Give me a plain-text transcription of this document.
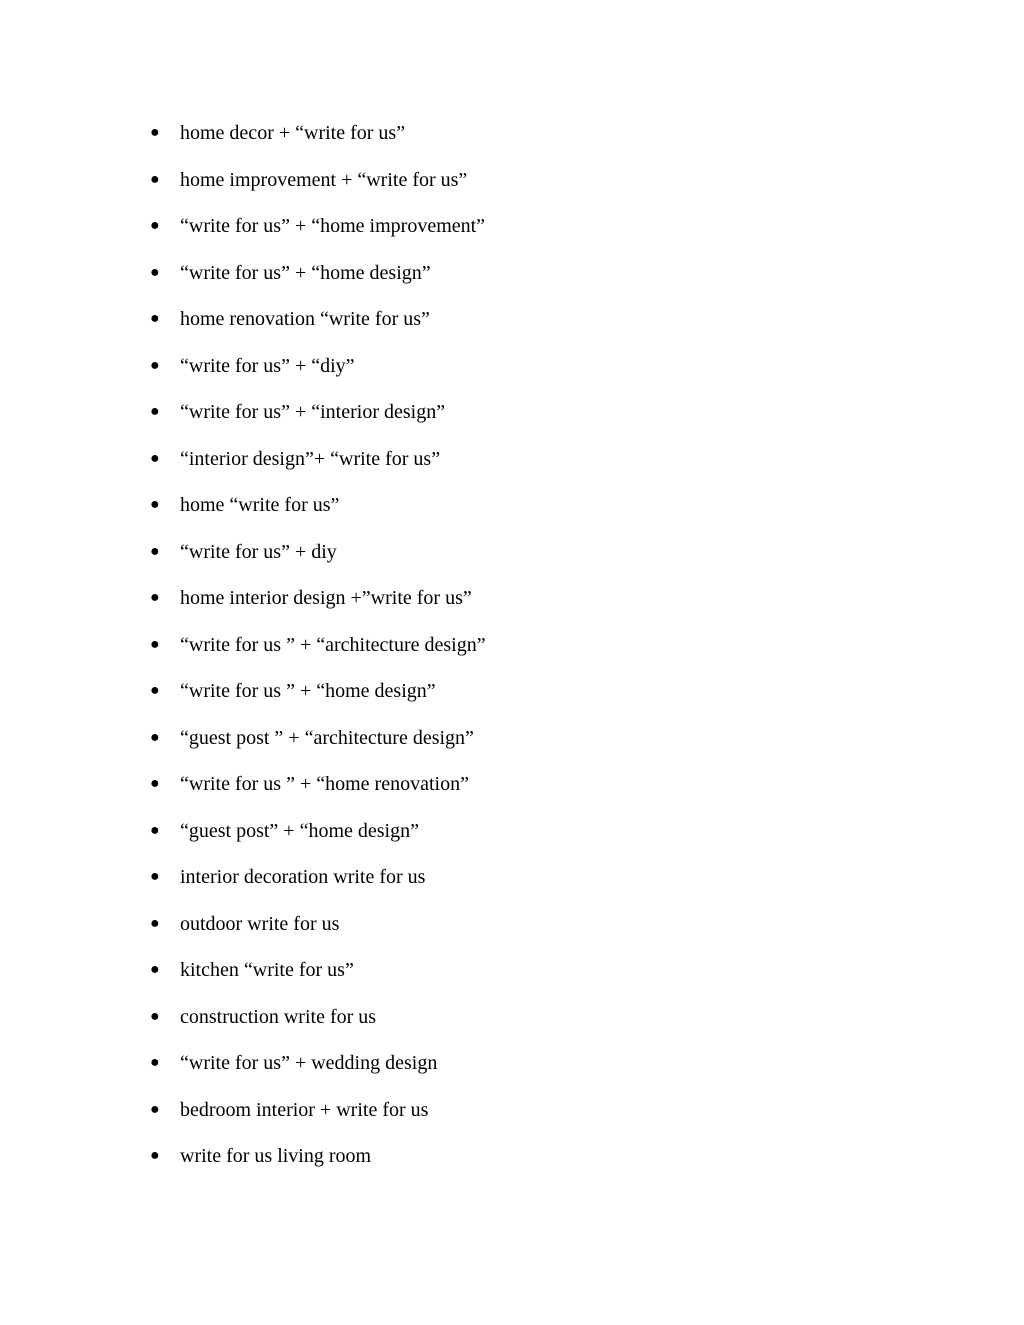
●	home decor + “write for us”
●	home improvement + “write for us”
●	“write for us” + “home improvement”
●	“write for us” + “home design”
●	home renovation “write for us”
●	“write for us” + “diy”
●	“write for us” + “interior design”
●	“interior design”+ “write for us”
●	home “write for us”
●	“write for us” + diy
●	home interior design +”write for us”
●	“write for us ” + “architecture design”
●	“write for us ” + “home design”
●	“guest post ” + “architecture design”
●	“write for us ” + “home renovation”
●	“guest post” + “home design”
●	interior decoration write for us
●	outdoor write for us
●	kitchen “write for us”
●	construction write for us
●	“write for us” + wedding design
●	bedroom interior + write for us
●	write for us living room
